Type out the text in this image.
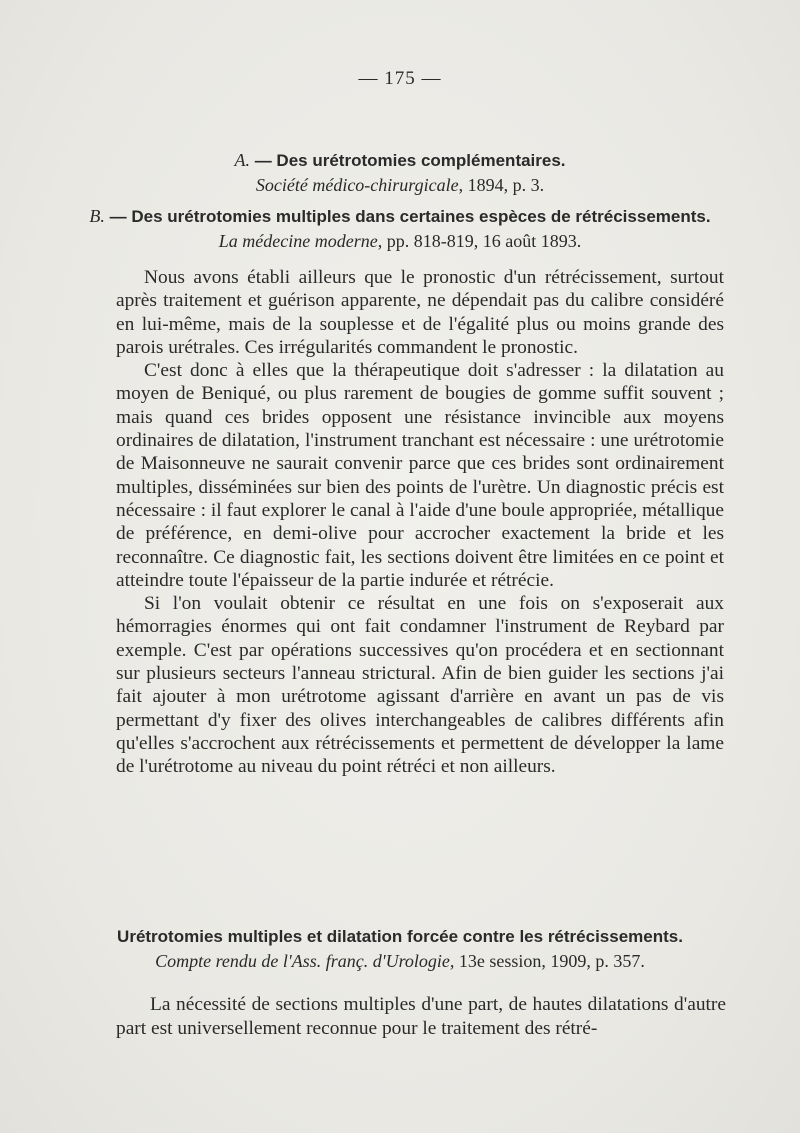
— 175 —
A. — Des urétrotomies complémentaires.
Société médico-chirurgicale, 1894, p. 3.
B. — Des urétrotomies multiples dans certaines espèces de rétrécissements.
La médecine moderne, pp. 818-819, 16 août 1893.

Nous avons établi ailleurs que le pronostic d'un rétrécissement, surtout après traitement et guérison apparente, ne dépendait pas du calibre considéré en lui-même, mais de la souplesse et de l'égalité plus ou moins grande des parois urétrales. Ces irrégularités commandent le pronostic.

C'est donc à elles que la thérapeutique doit s'adresser : la dilatation au moyen de Beniqué, ou plus rarement de bougies de gomme suffit souvent ; mais quand ces brides opposent une résistance invincible aux moyens ordinaires de dilatation, l'instrument tranchant est nécessaire : une urétrotomie de Maisonneuve ne saurait convenir parce que ces brides sont ordinairement multiples, disséminées sur bien des points de l'urètre. Un diagnostic précis est nécessaire : il faut explorer le canal à l'aide d'une boule appropriée, métallique de préférence, en demi-olive pour accrocher exactement la bride et les reconnaître. Ce diagnostic fait, les sections doivent être limitées en ce point et atteindre toute l'épaisseur de la partie indurée et rétrécie.

Si l'on voulait obtenir ce résultat en une fois on s'exposerait aux hémorragies énormes qui ont fait condamner l'instrument de Reybard par exemple. C'est par opérations successives qu'on procédera et en sectionnant sur plusieurs secteurs l'anneau strictural. Afin de bien guider les sections j'ai fait ajouter à mon urétrotome agissant d'arrière en avant un pas de vis permettant d'y fixer des olives interchangeables de calibres différents afin qu'elles s'accrochent aux rétrécissements et permettent de développer la lame de l'urétrotome au niveau du point rétréci et non ailleurs.

Urétrotomies multiples et dilatation forcée contre les rétrécissements.
Compte rendu de l'Ass. franç. d'Urologie, 13e session, 1909, p. 357.

La nécessité de sections multiples d'une part, de hautes dilatations d'autre part est universellement reconnue pour le traitement des rétré-
